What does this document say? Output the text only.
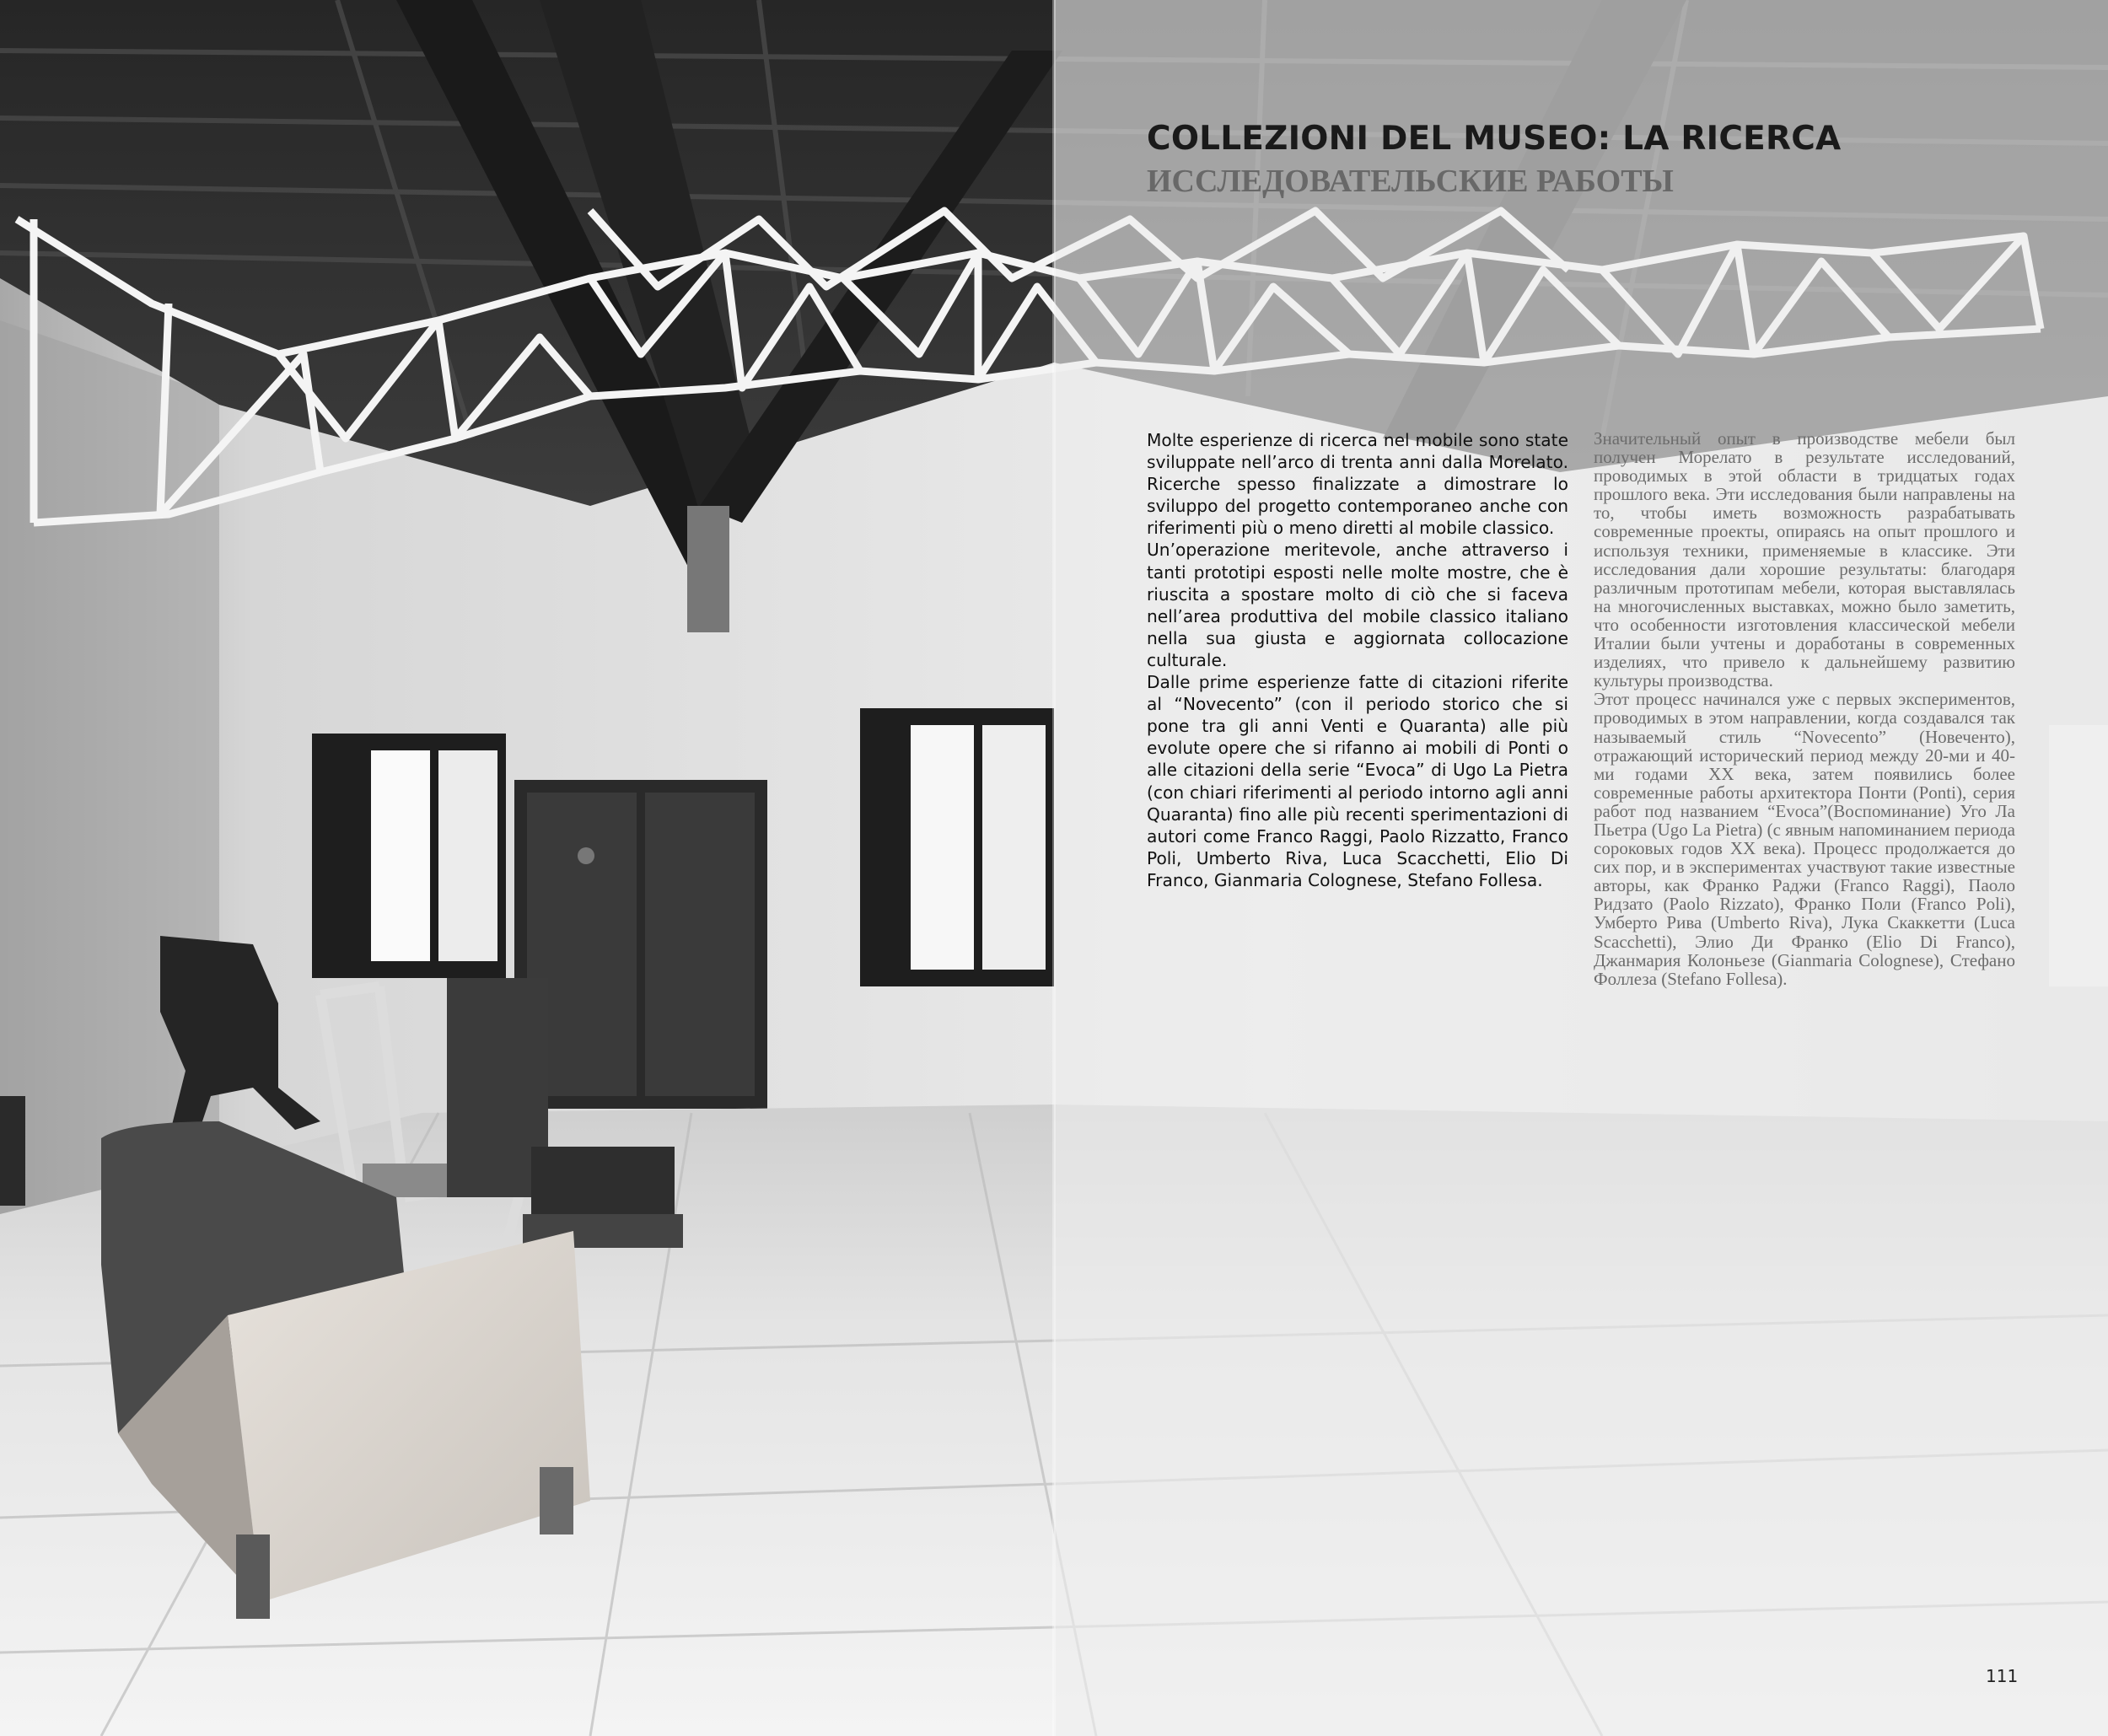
COLLEZIONI DEL MUSEO: LA RICERCA
ИССЛЕДОВАТЕЛЬСКИЕ РАБОТЫ

Molte esperienze di ricerca nel mobile sono state sviluppate nell’arco di trenta anni dalla Morelato. Ricerche spesso finalizzate a dimostrare lo sviluppo del progetto contemporaneo anche con riferimenti più o meno diretti al mobile classico.

Un’operazione meritevole, anche attraverso i tanti prototipi esposti nelle molte mostre, che è riuscita a spostare molto di ciò che si faceva nell’area produttiva del mobile classico italiano nella sua giusta e aggiornata collocazione culturale.

Dalle prime esperienze fatte di citazioni riferite al “Novecento” (con il periodo storico che si pone tra gli anni Venti e Quaranta) alle più evolute opere che si rifanno ai mobili di Ponti o alle citazioni della serie “Evoca” di Ugo La Pietra (con chiari riferimenti al periodo intorno agli anni Quaranta) fino alle più recenti sperimentazioni di autori come Franco Raggi, Paolo Rizzatto, Franco Poli, Umberto Riva, Luca Scacchetti, Elio Di Franco, Gianmaria Colognese, Stefano Follesa.

Значительный опыт в производстве мебели был получен Морелато в результате исследований, проводимых в этой области в тридцатых годах прошлого века. Эти исследования были направлены на то, чтобы иметь возможность разрабатывать современные проекты, опираясь на опыт прошлого и используя техники, применяемые в классике. Эти исследования дали хорошие результаты: благодаря различным прототипам мебели, которая выставлялась на многочисленных выставках, можно было заметить, что особенности изготовления классической мебели Италии были учтены и доработаны в современных изделиях, что привело к дальнейшему развитию культуры производства.

Этот процесс начинался уже с первых экспериментов, проводимых в этом направлении, когда создавался так называемый стиль “Novecento” (Новеченто), отражающий исторический период между 20-ми и 40-ми годами XX века, затем появились более современные работы архитектора Понти (Ponti), серия работ под названием “Evoca”(Воспоминание) Уго Ла Пьетра (Ugo La Pietra) (с явным напоминанием периода сороковых годов XX века). Процесс продолжается до сих пор, и в экспериментах участвуют такие известные авторы, как Франко Раджи (Franco Raggi), Паоло Ридзато (Paolo Rizzato), Франко Поли (Franco Poli), Умберто Рива (Umberto Riva), Лука Скаккетти (Luca Scacchetti), Элио Ди Франко (Elio Di Franco), Джанмария Колоньезе (Gianmaria Colognese), Стефано Фоллеза (Stefano Follesa).

111
